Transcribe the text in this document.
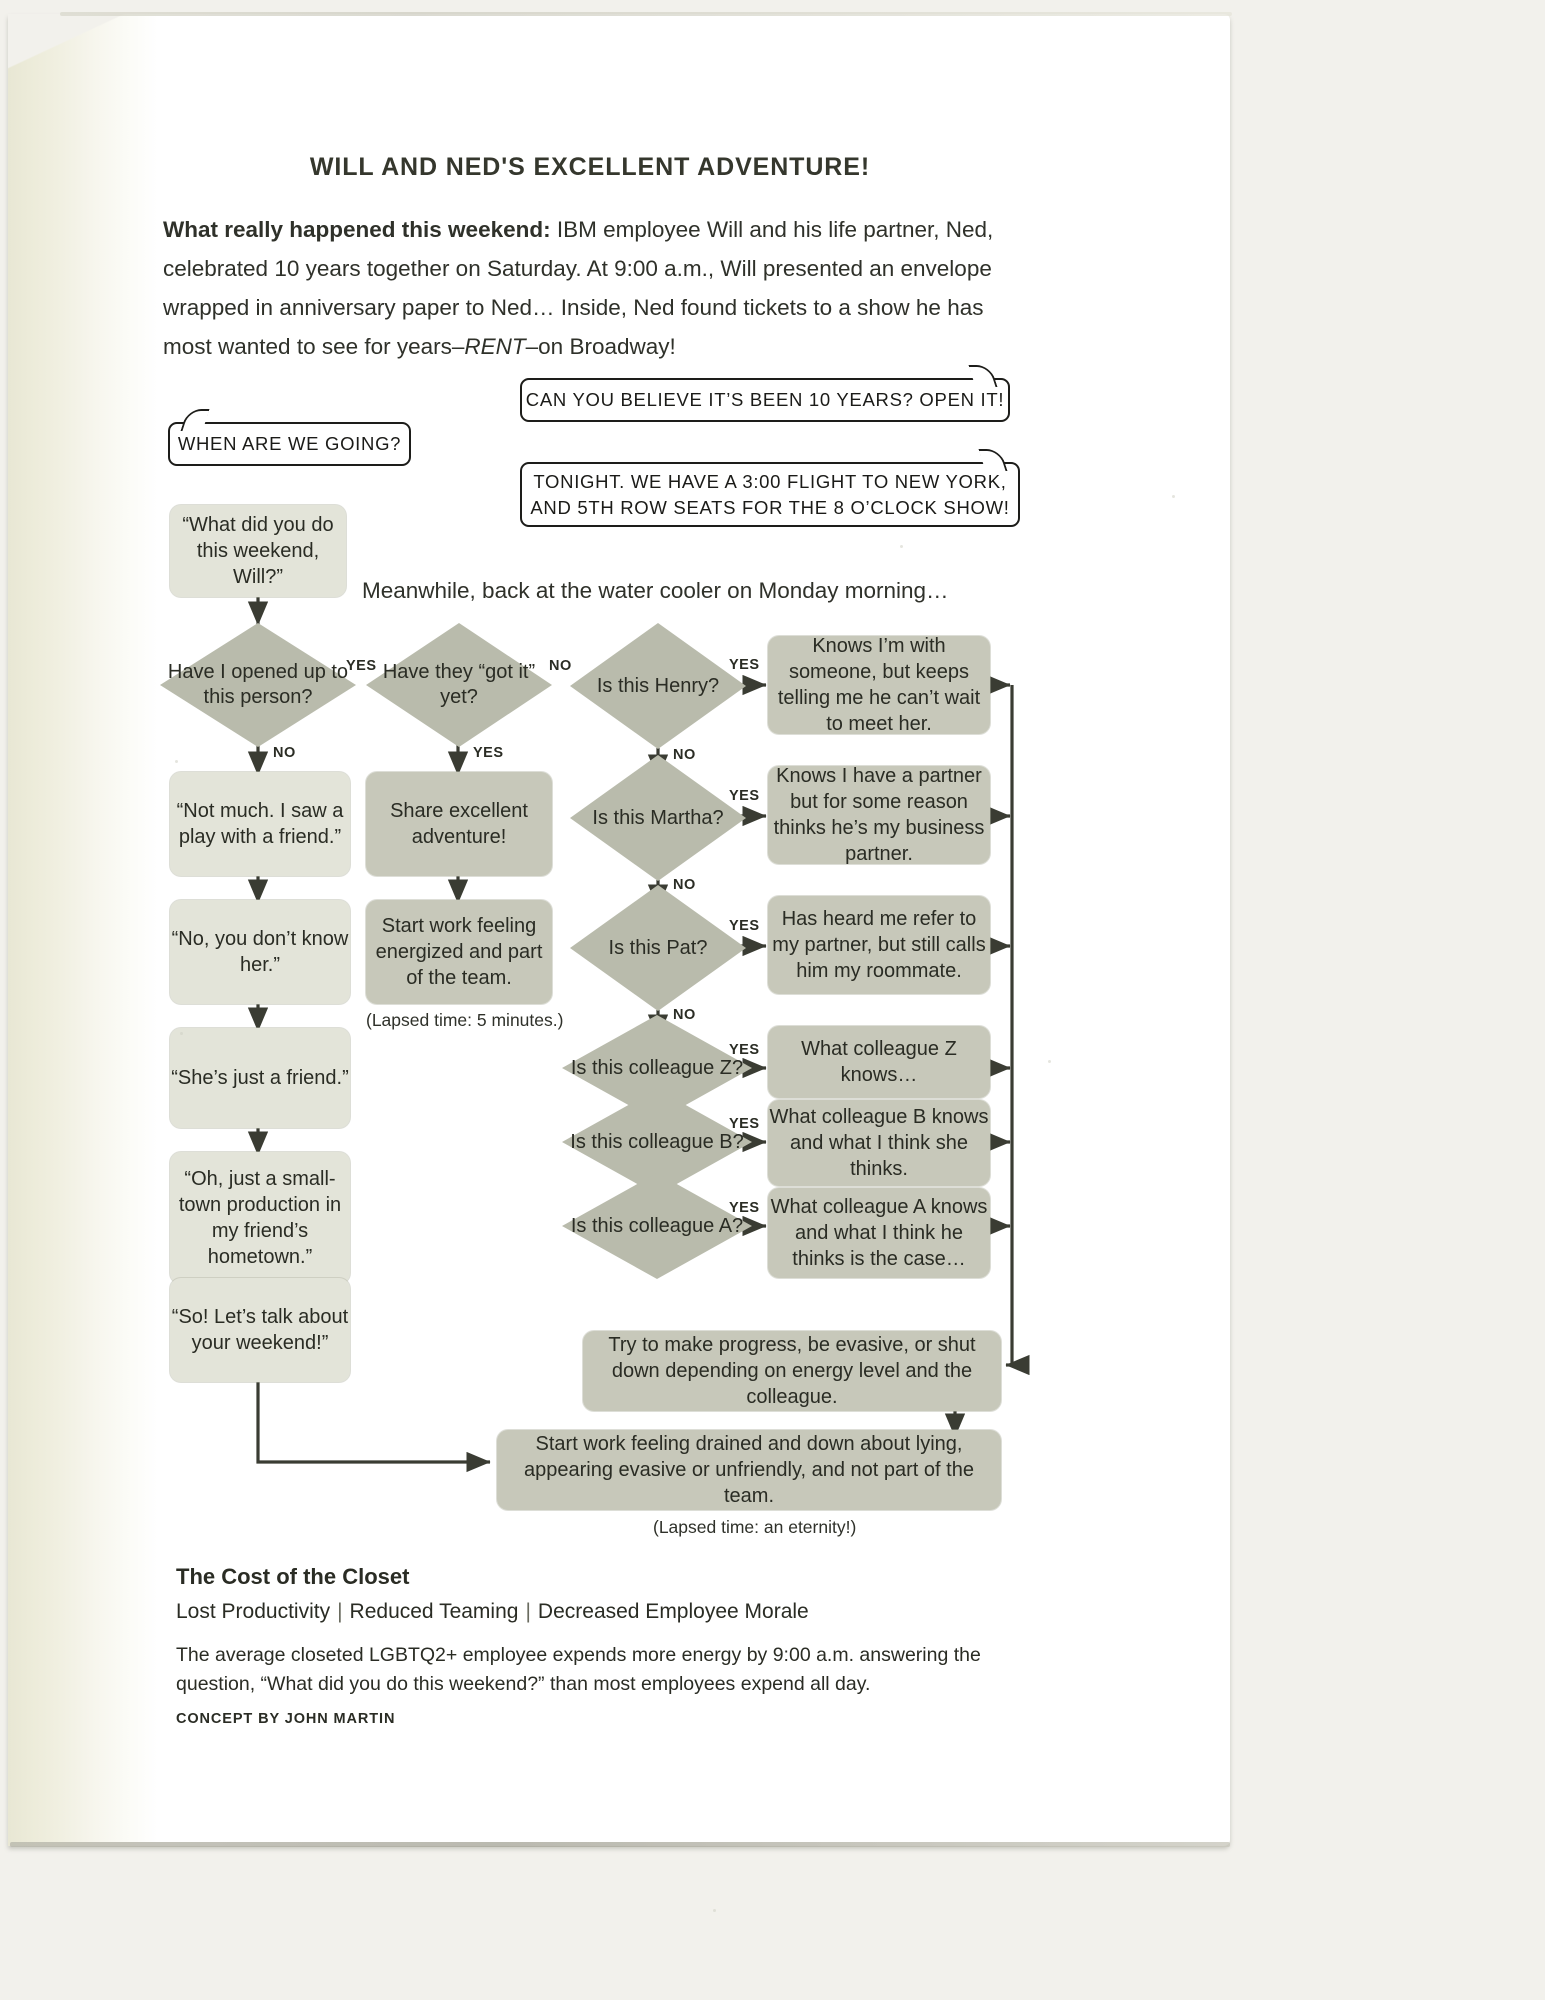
WILL AND NED'S EXCELLENT ADVENTURE!
What really happened this weekend: IBM employee Will and his life partner, Ned, celebrated 10 years together on Saturday. At 9:00 a.m., Will presented an envelope wrapped in anniversary paper to Ned… Inside, Ned found tickets to a show he has most wanted to see for years–RENT–on Broadway!
CAN YOU BELIEVE IT’S BEEN 10 YEARS? OPEN IT!
WHEN ARE WE GOING?
TONIGHT. WE HAVE A 3:00 FLIGHT TO NEW YORK,
AND 5TH ROW SEATS FOR THE 8 O’CLOCK SHOW!
“What did you do this weekend, Will?”
Meanwhile, back at the water cooler on Monday morning…
Have I opened up to this person?
Have they “got it” yet?
Is this Henry?
Is this Martha?
Is this Pat?
Is this colleague Z?
Is this colleague B?
Is this colleague A?
“Not much. I saw a play with a friend.”
“No, you don’t know her.”
“She’s just a friend.”
“Oh, just a small-town production in my friend’s hometown.”
“So! Let’s talk about your weekend!”
Share excellent adventure!
Start work feeling energized and part of the team.
(Lapsed time: 5 minutes.)
Knows I’m with someone, but keeps telling me he can’t wait to meet her.
Knows I have a partner but for some reason thinks he’s my business partner.
Has heard me refer to my partner, but still calls him my roommate.
What colleague Z knows…
What colleague B knows and what I think she thinks.
What colleague A knows and what I think he thinks is the case…
Try to make progress, be evasive, or shut down depending on energy level and the colleague.
Start work feeling drained and down about lying, appearing evasive or unfriendly, and not part of the team.
(Lapsed time: an eternity!)
YES	NO	YES
NO	YES	NO
YES
NO
YES
NO
YES
YES
YES
The Cost of the Closet
Lost Productivity | Reduced Teaming | Decreased Employee Morale
The average closeted LGBTQ2+ employee expends more energy by 9:00 a.m. answering the question, “What did you do this weekend?” than most employees expend all day.
CONCEPT BY JOHN MARTIN
